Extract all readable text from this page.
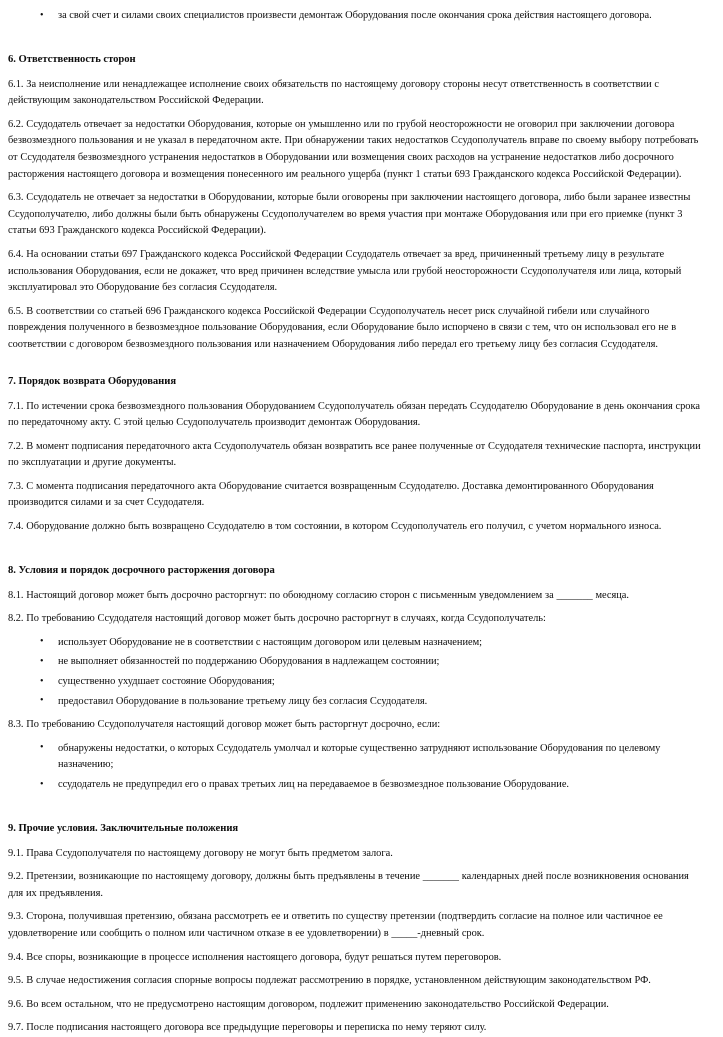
• за свой счет и силами своих специалистов произвести демонтаж Оборудования после окончания срока действия настоящего договора.
6. Ответственность сторон

6.1. За неисполнение или ненадлежащее исполнение своих обязательств по настоящему договору стороны несут ответственность в соответствии с действующим законодательством Российской Федерации.

6.2. Ссудодатель отвечает за недостатки Оборудования, которые он умышленно или по грубой неосторожности не оговорил при заключении договора безвозмездного пользования и не указал в передаточном акте. При обнаружении таких недостатков Ссудополучатель вправе по своему выбору потребовать от Ссудодателя безвозмездного устранения недостатков в Оборудовании или возмещения своих расходов на устранение недостатков либо досрочного расторжения настоящего договора и возмещения понесенного им реального ущерба (пункт 1 статьи 693 Гражданского кодекса Российской Федерации).

6.3. Ссудодатель не отвечает за недостатки в Оборудовании, которые были оговорены при заключении настоящего договора, либо были заранее известны Ссудополучателю, либо должны были быть обнаружены Ссудополучателем во время участия при монтаже Оборудования или при его приемке (пункт 3 статьи 693 Гражданского кодекса Российской Федерации).

6.4. На основании статьи 697 Гражданского кодекса Российской Федерации Ссудодатель отвечает за вред, причиненный третьему лицу в результате использования Оборудования, если не докажет, что вред причинен вследствие умысла или грубой неосторожности Ссудополучателя или лица, который эксплуатировал это Оборудование без согласия Ссудодателя.

6.5. В соответствии со статьей 696 Гражданского кодекса Российской Федерации Ссудополучатель несет риск случайной гибели или случайного повреждения полученного в безвозмездное пользование Оборудования, если Оборудование было испорчено в связи с тем, что он использовал его не в соответствии с договором безвозмездного пользования или назначением Оборудования либо передал его третьему лицу без согласия Ссудодателя.

7. Порядок возврата Оборудования

7.1. По истечении срока безвозмездного пользования Оборудованием Ссудополучатель обязан передать Ссудодателю Оборудование в день окончания срока по передаточному акту. С этой целью Ссудополучатель производит демонтаж Оборудования.

7.2. В момент подписания передаточного акта Ссудополучатель обязан возвратить все ранее полученные от Ссудодателя технические паспорта, инструкции по эксплуатации и другие документы.

7.3. С момента подписания передаточного акта Оборудование считается возвращенным Ссудодателю. Доставка демонтированного Оборудования производится силами и за счет Ссудодателя.

7.4. Оборудование должно быть возвращено Ссудодателю в том состоянии, в котором Ссудополучатель его получил, с учетом нормального износа.

8. Условия и порядок досрочного расторжения договора

8.1. Настоящий договор может быть досрочно расторгнут: по обоюдному согласию сторон с письменным уведомлением за _______ месяца.

8.2. По требованию Ссудодателя настоящий договор может быть досрочно расторгнут в случаях, когда Ссудополучатель:

• использует Оборудование не в соответствии с настоящим договором или целевым назначением;
• не выполняет обязанностей по поддержанию Оборудования в надлежащем состоянии;
• существенно ухудшает состояние Оборудования;
• предоставил Оборудование в пользование третьему лицу без согласия Ссудодателя.

8.3. По требованию Ссудополучателя настоящий договор может быть расторгнут досрочно, если:

• обнаружены недостатки, о которых Ссудодатель умолчал и которые существенно затрудняют использование Оборудования по целевому назначению;
• ссудодатель не предупредил его о правах третьих лиц на передаваемое в безвозмездное пользование Оборудование.
9. Прочие условия. Заключительные положения

9.1. Права Ссудополучателя по настоящему договору не могут быть предметом залога.

9.2. Претензии, возникающие по настоящему договору, должны быть предъявлены в течение _______ календарных дней после возникновения основания для их предъявления.

9.3. Сторона, получившая претензию, обязана рассмотреть ее и ответить по существу претензии (подтвердить согласие на полное или частичное ее удовлетворение или сообщить о полном или частичном отказе в ее удовлетворении) в _____-дневный срок.

9.4. Все споры, возникающие в процессе исполнения настоящего договора, будут решаться путем переговоров.

9.5. В случае недостижения согласия спорные вопросы подлежат рассмотрению в порядке, установленном действующим законодательством РФ.

9.6. Во всем остальном, что не предусмотрено настоящим договором, подлежит применению законодательство Российской Федерации.

9.7. После подписания настоящего договора все предыдущие переговоры и переписка по нему теряют силу.
